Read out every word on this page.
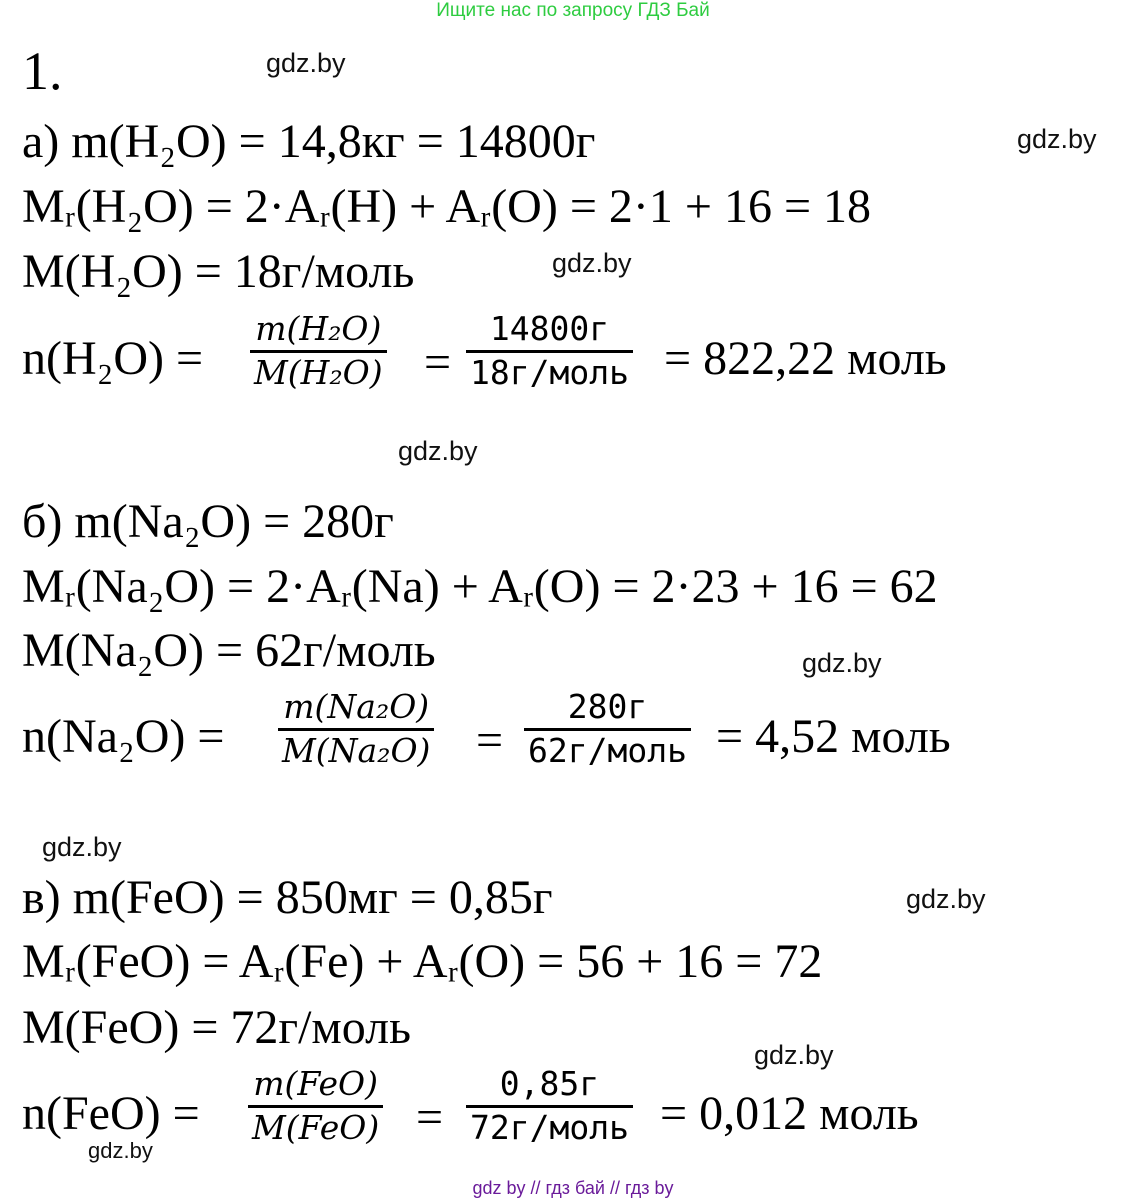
Ищите нас по запросу ГДЗ Бай
gdz.by
gdz.by
gdz.by
gdz.by
gdz.by
gdz.by
gdz.by
gdz.by
gdz.by
1.
а) m(H₂O) = 14,8кг = 14800г
Mᵣ(H₂O) = 2·Aᵣ(H) + Aᵣ(O) = 2·1 + 16 = 18
M(H₂O) = 18г/моль
n(H₂O) =
m(H₂O)
M(H₂O) =
14800г
18г/моль = 822,22 моль
б) m(Na₂O) = 280г
Mᵣ(Na₂O) = 2·Aᵣ(Na) + Aᵣ(O) = 2·23 + 16 = 62
M(Na₂O) = 62г/моль
n(Na₂O) =
m(Na₂O)
M(Na₂O) =
280г
62г/моль = 4,52 моль
в) m(FeO) = 850мг = 0,85г
Mᵣ(FeO) = Aᵣ(Fe) + Aᵣ(O) = 56 + 16 = 72
M(FeO) = 72г/моль
n(FeO) =
m(FeO)
M(FeO) =
0,85г
72г/моль = 0,012 моль
gdz by // гдз бай // гдз by
